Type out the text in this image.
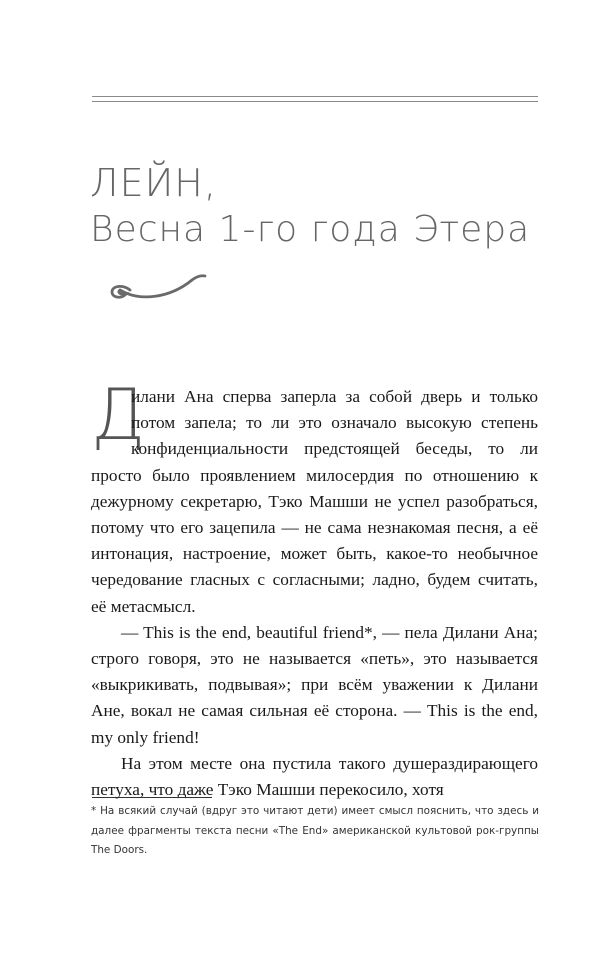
ЛЕЙН,
Весна 1-го года Этера

Д
илани Ана сперва заперла за собой дверь и только потом запела; то ли это означало высокую степень конфиденциальности предстоящей беседы, то ли просто было проявлением милосердия по отношению к дежурному секретарю, Тэко Машши не успел разобраться, потому что его зацепила — не сама незнакомая песня, а её интонация, настроение, может быть, какое-то необычное чередование гласных с согласными; ладно, будем считать, её метасмысл.

— This is the end, beautiful friend*, — пела Дилани Ана; строго говоря, это не называется «петь», это называется «выкрикивать, подвывая»; при всём уважении к Дилани Ане, вокал не самая сильная её сторона. — This is the end, my only friend!

На этом месте она пустила такого душераздирающего петуха, что даже Тэко Машши перекосило, хотя

* На всякий случай (вдруг это читают дети) имеет смысл пояснить, что здесь и далее фрагменты текста песни «The End» американской культовой рок-группы The Doors.
